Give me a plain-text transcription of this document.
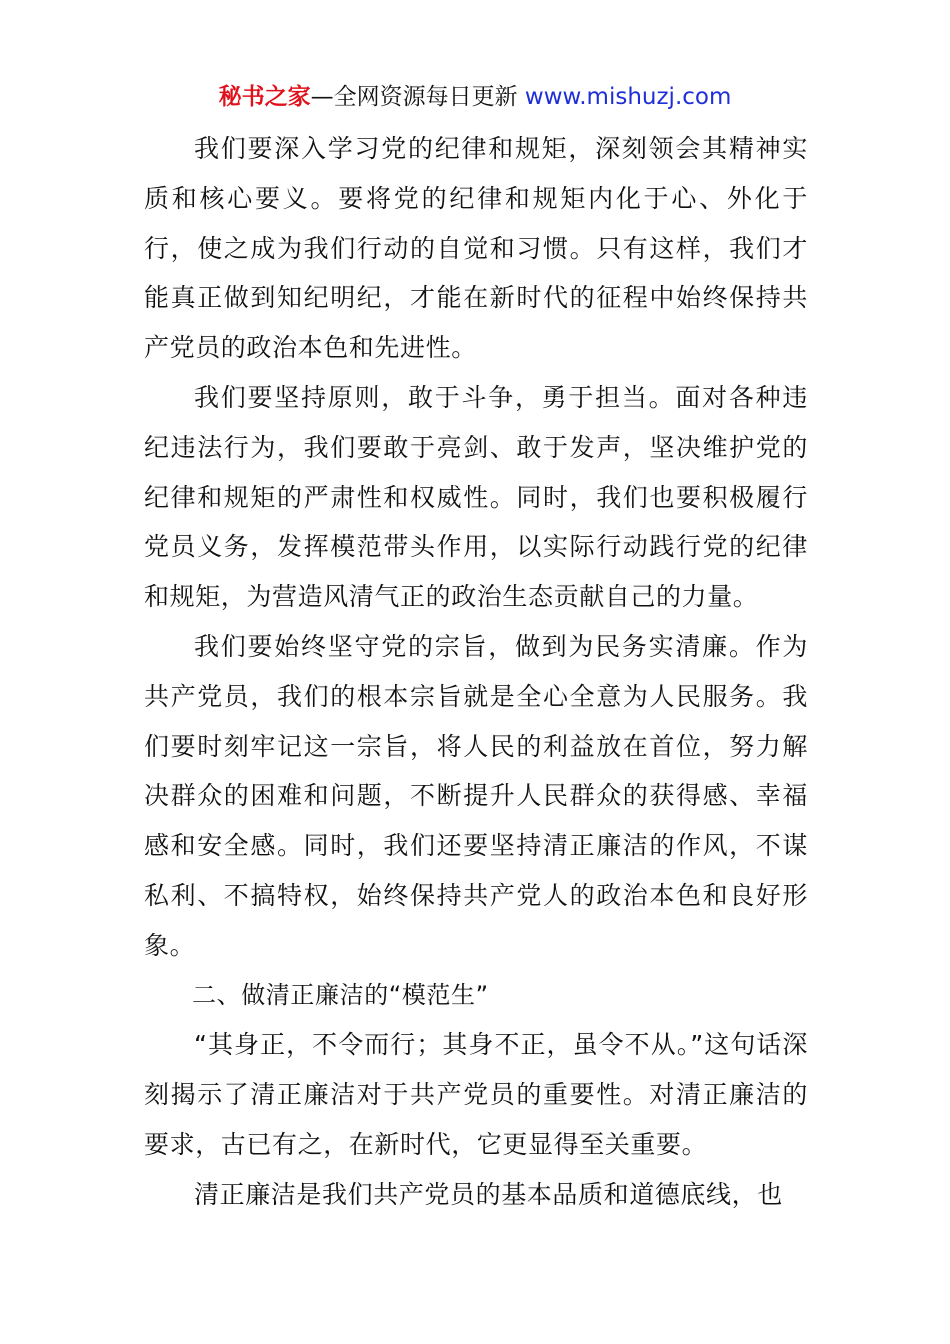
秘书之家—全网资源每日更新 www.mishuzj.com

我们要深入学习党的纪律和规矩，深刻领会其精神实质和核心要义。要将党的纪律和规矩内化于心、外化于行，使之成为我们行动的自觉和习惯。只有这样，我们才能真正做到知纪明纪，才能在新时代的征程中始终保持共产党员的政治本色和先进性。

我们要坚持原则，敢于斗争，勇于担当。面对各种违纪违法行为，我们要敢于亮剑、敢于发声，坚决维护党的纪律和规矩的严肃性和权威性。同时，我们也要积极履行党员义务，发挥模范带头作用，以实际行动践行党的纪律和规矩，为营造风清气正的政治生态贡献自己的力量。

我们要始终坚守党的宗旨，做到为民务实清廉。作为共产党员，我们的根本宗旨就是全心全意为人民服务。我们要时刻牢记这一宗旨，将人民的利益放在首位，努力解决群众的困难和问题，不断提升人民群众的获得感、幸福感和安全感。同时，我们还要坚持清正廉洁的作风，不谋私利、不搞特权，始终保持共产党人的政治本色和良好形象。

二、做清正廉洁的“模范生”

“其身正，不令而行；其身不正，虽令不从。”这句话深刻揭示了清正廉洁对于共产党员的重要性。对清正廉洁的要求，古已有之，在新时代，它更显得至关重要。

清正廉洁是我们共产党员的基本品质和道德底线，也
